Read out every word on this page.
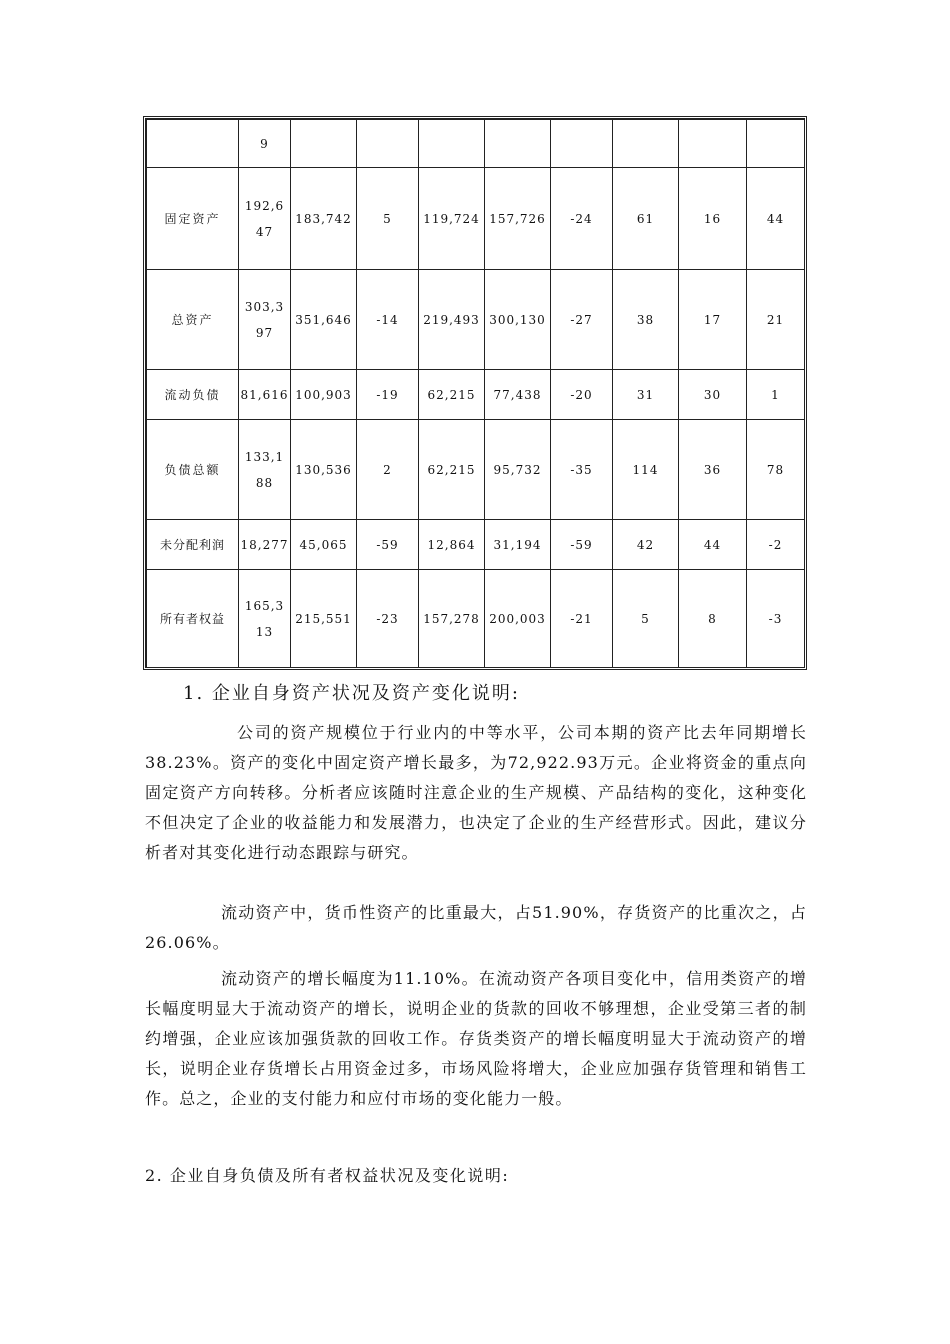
	9								
固定资产	192,647	183,742	5	119,724	157,726	-24	61	16	44
总资产	303,397	351,646	-14	219,493	300,130	-27	38	17	21
流动负债	81,616	100,903	-19	62,215	77,438	-20	31	30	1
负债总额	133,188	130,536	2	62,215	95,732	-35	114	36	78
未分配利润	18,277	45,065	-59	12,864	31,194	-59	42	44	-2
所有者权益	165,313	215,551	-23	157,278	200,003	-21	5	8	-3
1. 企业自身资产状况及资产变化说明:

公司的资产规模位于行业内的中等水平，公司本期的资产比去年同期增长38.23%。资产的变化中固定资产增长最多，为72,922.93万元。企业将资金的重点向固定资产方向转移。分析者应该随时注意企业的生产规模、产品结构的变化，这种变化不但决定了企业的收益能力和发展潜力，也决定了企业的生产经营形式。因此，建议分析者对其变化进行动态跟踪与研究。

流动资产中，货币性资产的比重最大，占51.90%，存货资产的比重次之，占26.06%。

流动资产的增长幅度为11.10%。在流动资产各项目变化中，信用类资产的增长幅度明显大于流动资产的增长，说明企业的货款的回收不够理想，企业受第三者的制约增强，企业应该加强货款的回收工作。存货类资产的增长幅度明显大于流动资产的增长，说明企业存货增长占用资金过多，市场风险将增大，企业应加强存货管理和销售工作。总之，企业的支付能力和应付市场的变化能力一般。

2. 企业自身负债及所有者权益状况及变化说明:
